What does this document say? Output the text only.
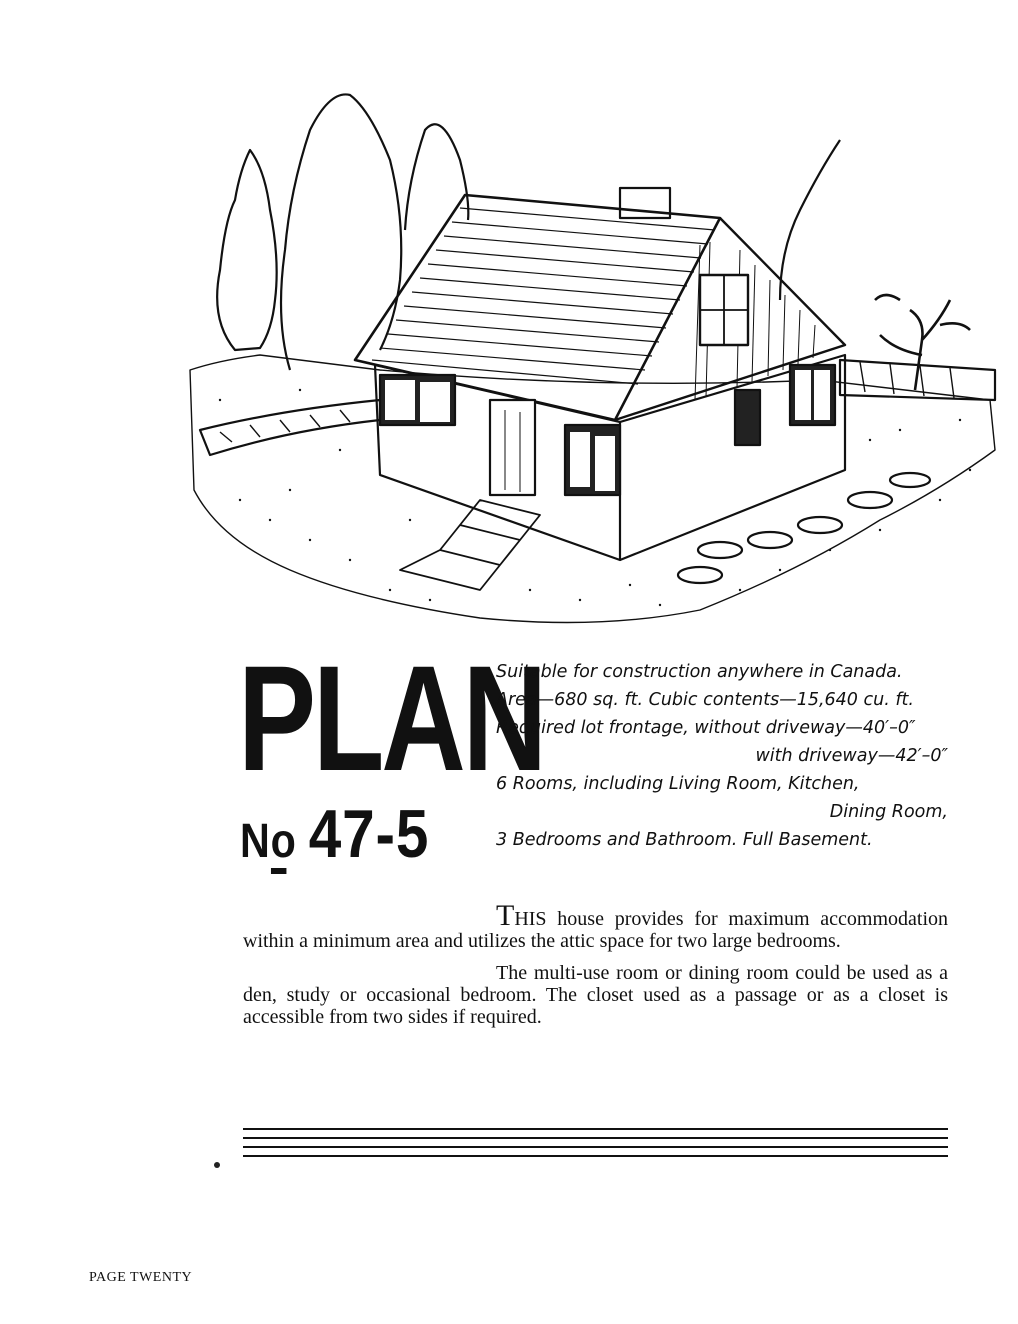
PLAN
No 47-5
Suitable for construction anywhere in Canada.
Area—680 sq. ft. Cubic contents—15,640 cu. ft.
Required lot frontage, without driveway—40′–0″
with driveway—42′–0″
6 Rooms, including Living Room, Kitchen,
Dining Room,
3 Bedrooms and Bathroom. Full Basement.

THIS house provides for maximum accommodation within a minimum area and utilizes the attic space for two large bedrooms.

The multi-use room or dining room could be used as a den, study or occasional bedroom. The closet used as a passage or as a closet is accessible from two sides if required.

PAGE TWENTY
